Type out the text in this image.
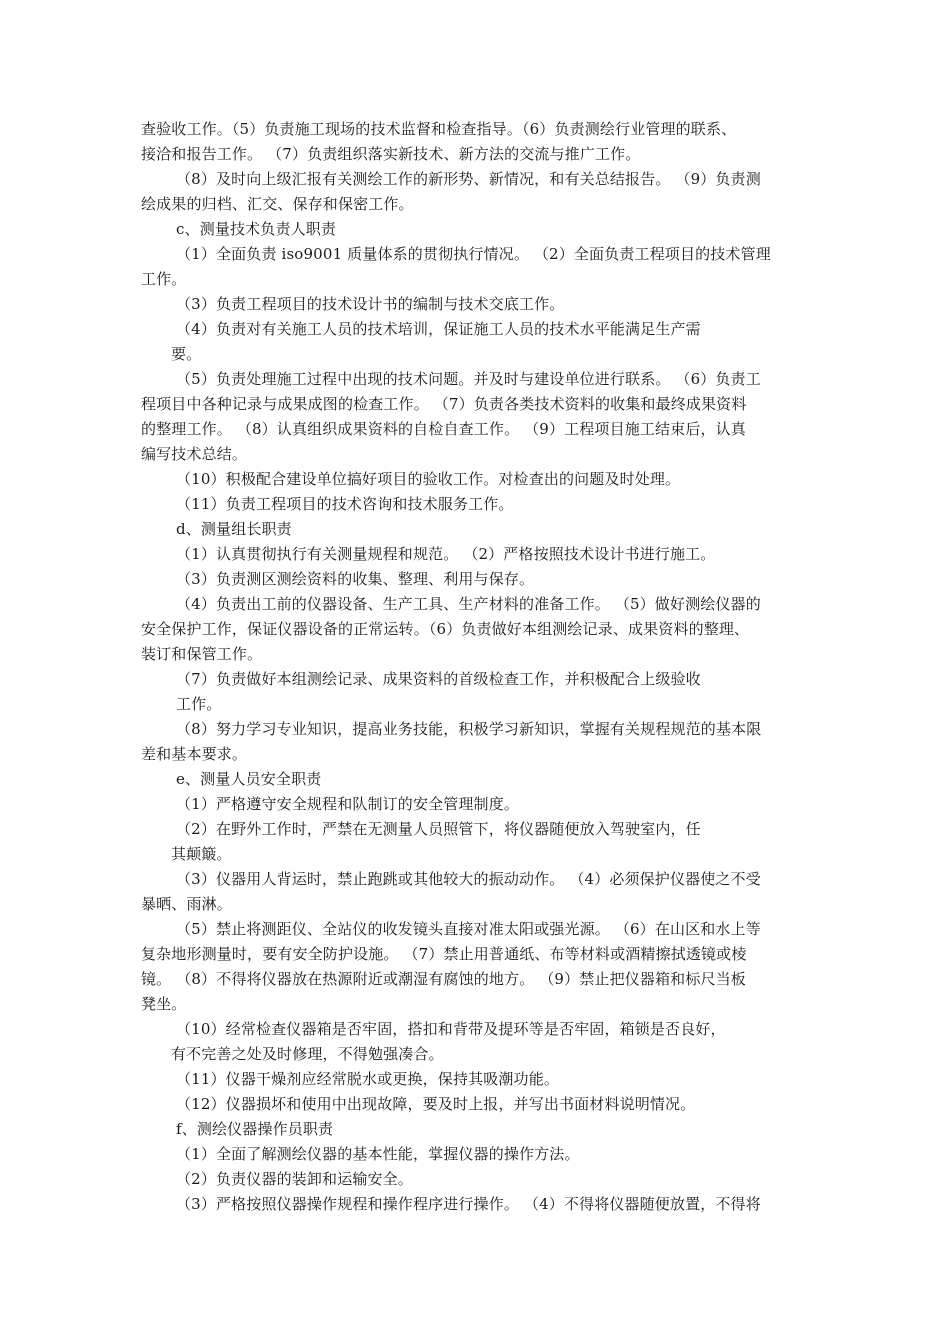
查验收工作。（5）负责施工现场的技术监督和检查指导。（6）负责测绘行业管理的联系、

接洽和报告工作。 （7）负责组织落实新技术、新方法的交流与推广工作。

（8）及时向上级汇报有关测绘工作的新形势、新情况，和有关总结报告。 （9）负责测

绘成果的归档、汇交、保存和保密工作。

c、测量技术负责人职责

（1）全面负责 iso9001 质量体系的贯彻执行情况。 （2）全面负责工程项目的技术管理

工作。

（3）负责工程项目的技术设计书的编制与技术交底工作。

（4）负责对有关施工人员的技术培训，保证施工人员的技术水平能满足生产需

要。

（5）负责处理施工过程中出现的技术问题。并及时与建设单位进行联系。 （6）负责工

程项目中各种记录与成果成图的检查工作。 （7）负责各类技术资料的收集和最终成果资料

的整理工作。 （8）认真组织成果资料的自检自查工作。 （9）工程项目施工结束后，认真

编写技术总结。

（10）积极配合建设单位搞好项目的验收工作。对检查出的问题及时处理。

（11）负责工程项目的技术咨询和技术服务工作。

d、测量组长职责

（1）认真贯彻执行有关测量规程和规范。 （2）严格按照技术设计书进行施工。

（3）负责测区测绘资料的收集、整理、利用与保存。

（4）负责出工前的仪器设备、生产工具、生产材料的准备工作。 （5）做好测绘仪器的

安全保护工作，保证仪器设备的正常运转。（6）负责做好本组测绘记录、成果资料的整理、

装订和保管工作。

（7）负责做好本组测绘记录、成果资料的首级检查工作，并积极配合上级验收

工作。

（8）努力学习专业知识，提高业务技能，积极学习新知识，掌握有关规程规范的基本限

差和基本要求。

e、测量人员安全职责

（1）严格遵守安全规程和队制订的安全管理制度。

（2）在野外工作时，严禁在无测量人员照管下，将仪器随便放入驾驶室内，任

其颠簸。

（3）仪器用人背运时，禁止跑跳或其他较大的振动动作。 （4）必须保护仪器使之不受

暴晒、雨淋。

（5）禁止将测距仪、全站仪的收发镜头直接对准太阳或强光源。 （6）在山区和水上等

复杂地形测量时，要有安全防护设施。 （7）禁止用普通纸、布等材料或酒精擦拭透镜或棱

镜。 （8）不得将仪器放在热源附近或潮湿有腐蚀的地方。 （9）禁止把仪器箱和标尺当板

凳坐。

（10）经常检查仪器箱是否牢固，搭扣和背带及提环等是否牢固，箱锁是否良好，

有不完善之处及时修理，不得勉强凑合。

（11）仪器干燥剂应经常脱水或更换，保持其吸潮功能。

（12）仪器损坏和使用中出现故障，要及时上报，并写出书面材料说明情况。

f、测绘仪器操作员职责

（1）全面了解测绘仪器的基本性能，掌握仪器的操作方法。

（2）负责仪器的装卸和运输安全。

（3）严格按照仪器操作规程和操作程序进行操作。 （4）不得将仪器随便放置，不得将
